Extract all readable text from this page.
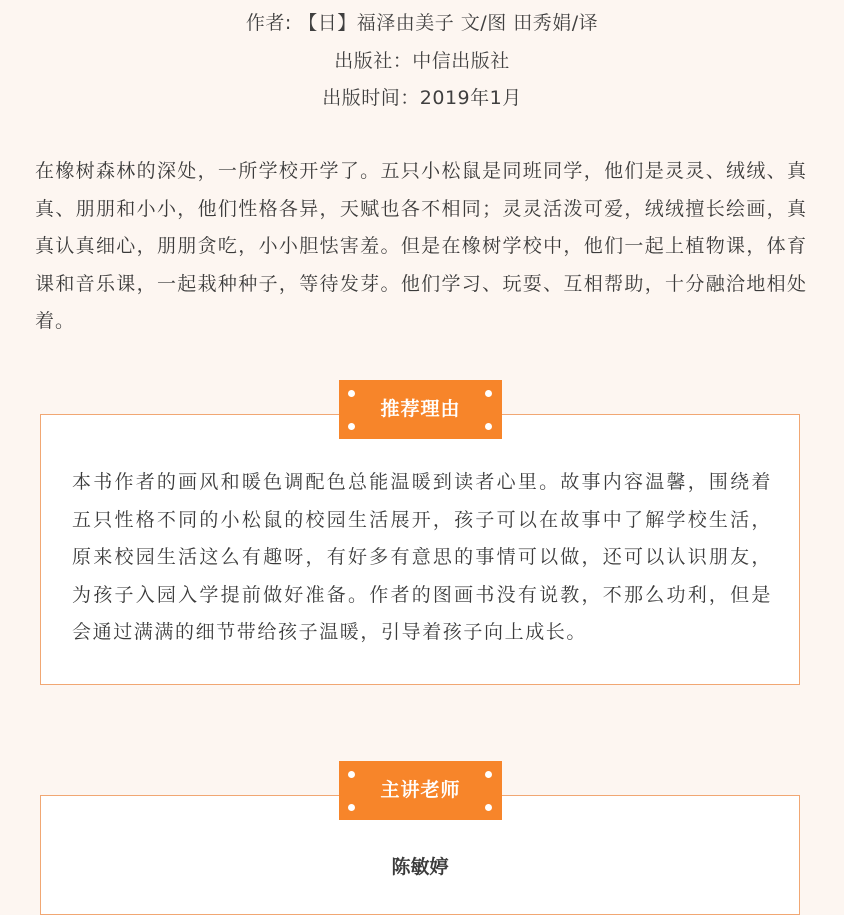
作者: 【日】福泽由美子 文/图 田秀娟/译
出版社：中信出版社
出版时间：2019年1月

在橡树森林的深处，一所学校开学了。五只小松鼠是同班同学，他们是灵灵、绒绒、真真、朋朋和小小，他们性格各异，天赋也各不相同；灵灵活泼可爱，绒绒擅长绘画，真真认真细心，朋朋贪吃，小小胆怯害羞。但是在橡树学校中，他们一起上植物课，体育课和音乐课，一起栽种种子，等待发芽。他们学习、玩耍、互相帮助，十分融洽地相处着。

本书作者的画风和暖色调配色总能温暖到读者心里。故事内容温馨，围绕着五只性格不同的小松鼠的校园生活展开，孩子可以在故事中了解学校生活，原来校园生活这么有趣呀，有好多有意思的事情可以做，还可以认识朋友，为孩子入园入学提前做好准备。作者的图画书没有说教，不那么功利，但是会通过满满的细节带给孩子温暖，引导着孩子向上成长。

推荐理由
陈敏婷
主讲老师
